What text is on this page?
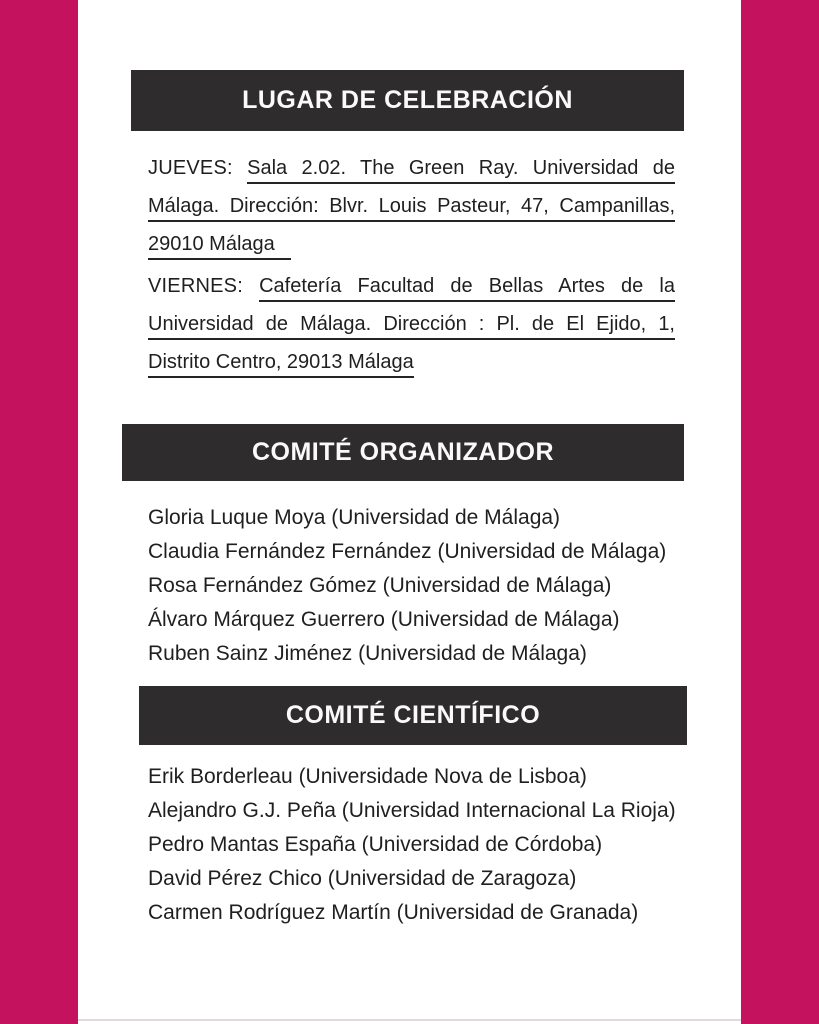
LUGAR DE CELEBRACIÓN
JUEVES: Sala 2.02. The Green Ray. Universidad de
Málaga. Dirección: Blvr. Louis Pasteur, 47, Campanillas,
29010 Málaga
VIERNES: Cafetería Facultad de Bellas Artes de la
Universidad de Málaga. Dirección : Pl. de El Ejido, 1,
Distrito Centro, 29013 Málaga
COMITÉ ORGANIZADOR
Gloria Luque Moya (Universidad de Málaga)
Claudia Fernández Fernández (Universidad de Málaga)
Rosa Fernández Gómez (Universidad de Málaga)
Álvaro Márquez Guerrero (Universidad de Málaga)
Ruben Sainz Jiménez (Universidad de Málaga)
COMITÉ CIENTÍFICO
Erik Borderleau (Universidade Nova de Lisboa)
Alejandro G.J. Peña (Universidad Internacional La Rioja)
Pedro Mantas España (Universidad de Córdoba)
David Pérez Chico (Universidad de Zaragoza)
Carmen Rodríguez Martín (Universidad de Granada)
